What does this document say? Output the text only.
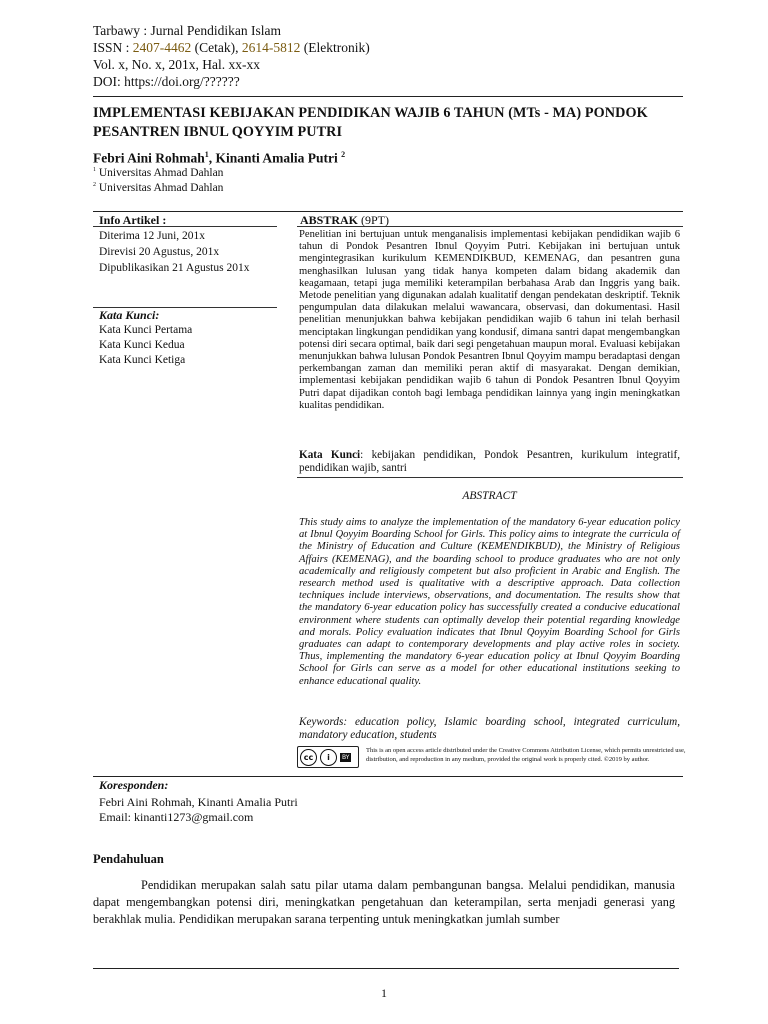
Tarbawy : Jurnal Pendidikan Islam
ISSN : 2407-4462 (Cetak), 2614-5812 (Elektronik)
Vol. x, No. x, 201x, Hal. xx-xx
DOI: https://doi.org/??????
IMPLEMENTASI KEBIJAKAN PENDIDIKAN WAJIB 6 TAHUN (MTs - MA) PONDOK PESANTREN IBNUL QOYYIM PUTRI
Febri Aini Rohmah$^1$, Kinanti Amalia Putri $^2$
$^1$ Universitas Ahmad Dahlan
$^2$ Universitas Ahmad Dahlan
Info Artikel :
Diterima 12 Juni, 201x
Direvisi 20 Agustus, 201x
Dipublikasikan 21 Agustus 201x
Kata Kunci:
Kata Kunci Pertama
Kata Kunci Kedua
Kata Kunci Ketiga
Koresponden:
Febri Aini Rohmah, Kinanti Amalia Putri
Email: kinanti1273@gmail.com
ABSTRAK (9PT)
Penelitian ini bertujuan untuk menganalisis implementasi kebijakan pendidikan wajib 6 tahun di Pondok Pesantren Ibnul Qoyyim Putri. Kebijakan ini bertujuan untuk mengintegrasikan kurikulum KEMENDIKBUD, KEMENAG, dan pesantren guna menghasilkan lulusan yang tidak hanya kompeten dalam bidang akademik dan keagamaan, tetapi juga memiliki keterampilan berbahasa Arab dan Inggris yang baik. Metode penelitian yang digunakan adalah kualitatif dengan pendekatan deskriptif. Teknik pengumpulan data dilakukan melalui wawancara, observasi, dan dokumentasi. Hasil penelitian menunjukkan bahwa kebijakan pendidikan wajib 6 tahun ini telah berhasil menciptakan lingkungan pendidikan yang kondusif, dimana santri dapat mengembangkan potensi diri secara optimal, baik dari segi pengetahuan maupun moral. Evaluasi kebijakan menunjukkan bahwa lulusan Pondok Pesantren Ibnul Qoyyim mampu beradaptasi dengan perkembangan zaman dan memiliki peran aktif di masyarakat. Dengan demikian, implementasi kebijakan pendidikan wajib 6 tahun di Pondok Pesantren Ibnul Qoyyim Putri dapat dijadikan contoh bagi lembaga pendidikan lainnya yang ingin meningkatkan kualitas pendidikan.
Kata Kunci: kebijakan pendidikan, Pondok Pesantren, kurikulum integratif, pendidikan wajib, santri
ABSTRACT
This study aims to analyze the implementation of the mandatory 6-year education policy at Ibnul Qoyyim Boarding School for Girls. This policy aims to integrate the curricula of the Ministry of Education and Culture (KEMENDIKBUD), the Ministry of Religious Affairs (KEMENAG), and the boarding school to produce graduates who are not only academically and religiously competent but also proficient in Arabic and English. The research method used is qualitative with a descriptive approach. Data collection techniques include interviews, observations, and documentation. The results show that the mandatory 6-year education policy has successfully created a conducive educational environment where students can optimally develop their potential regarding knowledge and morals. Policy evaluation indicates that Ibnul Qoyyim Boarding School for Girls graduates can adapt to contemporary developments and play active roles in society. Thus, implementing the mandatory 6-year education policy at Ibnul Qoyyim Boarding School for Girls can serve as a model for other educational institutions seeking to enhance educational quality.
Keywords: education policy, Islamic boarding school, integrated curriculum, mandatory education, students
cc	i	BY
This is an open access article distributed under the Creative Commons Attribution License, which permits unrestricted use, distribution, and reproduction in any medium, provided the original work is properly cited. ©2019 by author.
Pendahuluan
Pendidikan merupakan salah satu pilar utama dalam pembangunan bangsa. Melalui pendidikan, manusia dapat mengembangkan potensi diri, meningkatkan pengetahuan dan keterampilan, serta menjadi generasi yang berakhlak mulia. Pendidikan merupakan sarana terpenting untuk meningkatkan jumlah sumber
1
